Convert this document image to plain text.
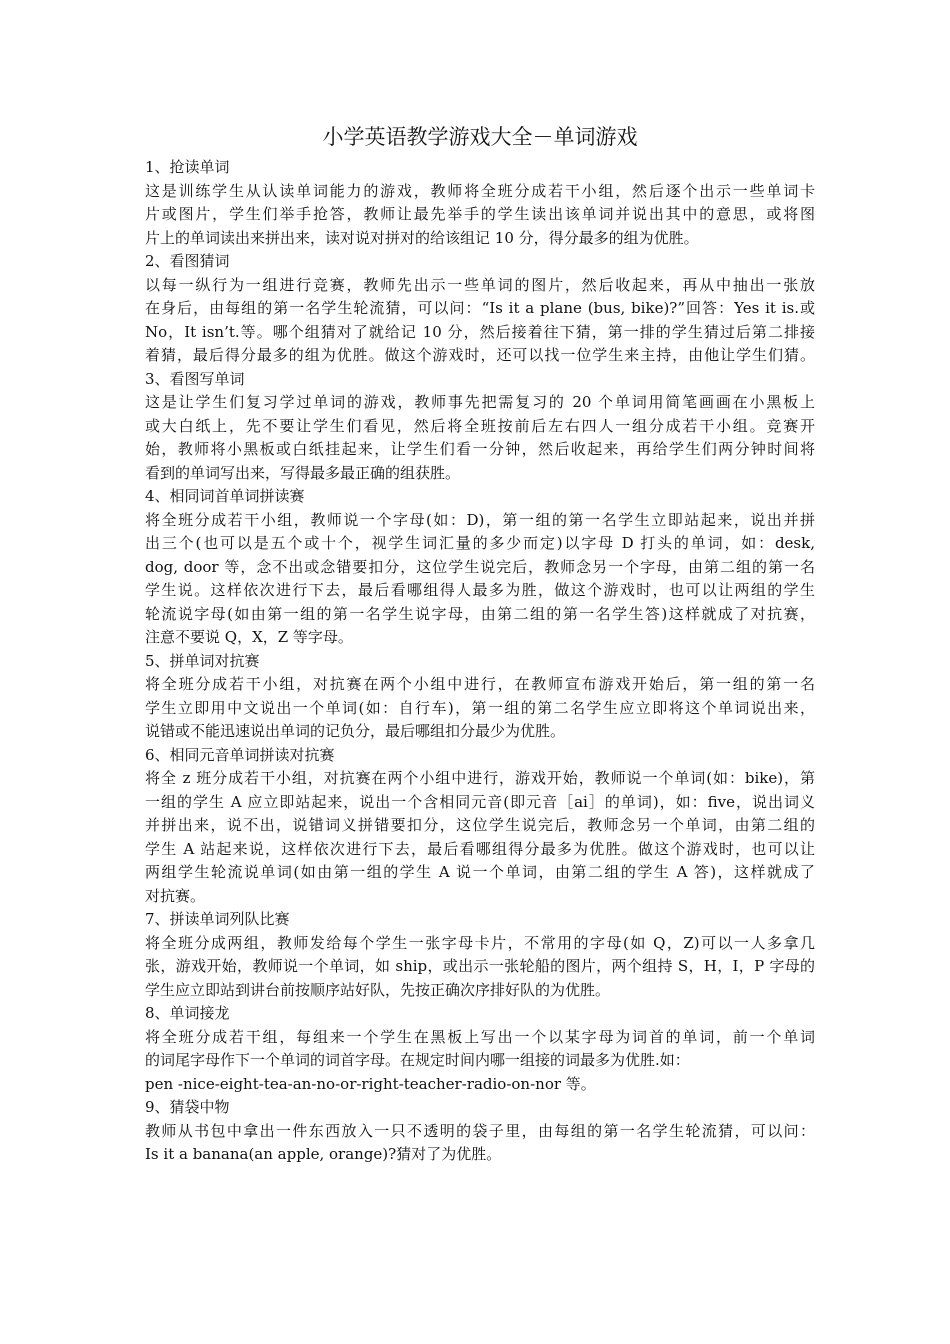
小学英语教学游戏大全－单词游戏
1、抢读单词
这是训练学生从认读单词能力的游戏，教师将全班分成若干小组，然后逐个出示一些单词卡
片或图片，学生们举手抢答，教师让最先举手的学生读出该单词并说出其中的意思，或将图
片上的单词读出来拼出来，读对说对拼对的给该组记 10 分，得分最多的组为优胜。
2、看图猜词
以每一纵行为一组进行竞赛，教师先出示一些单词的图片，然后收起来，再从中抽出一张放
在身后，由每组的第一名学生轮流猜，可以问：“Is it a plane (bus, bike)?”回答：Yes it is.或
No，It isn’t.等。哪个组猜对了就给记 10 分，然后接着往下猜，第一排的学生猜过后第二排接
着猜，最后得分最多的组为优胜。做这个游戏时，还可以找一位学生来主持，由他让学生们猜。
3、看图写单词
这是让学生们复习学过单词的游戏，教师事先把需复习的 20 个单词用简笔画画在小黑板上
或大白纸上，先不要让学生们看见，然后将全班按前后左右四人一组分成若干小组。竞赛开
始，教师将小黑板或白纸挂起来，让学生们看一分钟，然后收起来，再给学生们两分钟时间将
看到的单词写出来，写得最多最正确的组获胜。
4、相同词首单词拼读赛
将全班分成若干小组，教师说一个字母(如：D)，第一组的第一名学生立即站起来，说出并拼
出三个(也可以是五个或十个，视学生词汇量的多少而定)以字母 D 打头的单词，如：desk,
dog, door 等，念不出或念错要扣分，这位学生说完后，教师念另一个字母，由第二组的第一名
学生说。这样依次进行下去，最后看哪组得人最多为胜，做这个游戏时，也可以让两组的学生
轮流说字母(如由第一组的第一名学生说字母，由第二组的第一名学生答)这样就成了对抗赛，
注意不要说 Q，X，Z 等字母。
5、拼单词对抗赛
将全班分成若干小组，对抗赛在两个小组中进行，在教师宣布游戏开始后，第一组的第一名
学生立即用中文说出一个单词(如：自行车)，第一组的第二名学生应立即将这个单词说出来，
说错或不能迅速说出单词的记负分，最后哪组扣分最少为优胜。
6、相同元音单词拼读对抗赛
将全 z 班分成若干小组，对抗赛在两个小组中进行，游戏开始，教师说一个单词(如：bike)，第
一组的学生 A 应立即站起来，说出一个含相同元音(即元音［ai］的单词)，如：five，说出词义
并拼出来，说不出，说错词义拼错要扣分，这位学生说完后，教师念另一个单词，由第二组的
学生 A 站起来说，这样依次进行下去，最后看哪组得分最多为优胜。做这个游戏时，也可以让
两组学生轮流说单词(如由第一组的学生 A 说一个单词，由第二组的学生 A 答)，这样就成了
对抗赛。
7、拼读单词列队比赛
将全班分成两组，教师发给每个学生一张字母卡片，不常用的字母(如 Q，Z)可以一人多拿几
张，游戏开始，教师说一个单词，如 ship，或出示一张轮船的图片，两个组持 S，H，I，P 字母的
学生应立即站到讲台前按顺序站好队，先按正确次序排好队的为优胜。
8、单词接龙
将全班分成若干组，每组来一个学生在黑板上写出一个以某字母为词首的单词，前一个单词
的词尾字母作下一个单词的词首字母。在规定时间内哪一组接的词最多为优胜.如：
pen -nice-eight-tea-an-no-or-right-teacher-radio-on-nor 等。
9、猜袋中物
教师从书包中拿出一件东西放入一只不透明的袋子里，由每组的第一名学生轮流猜，可以问：
Is it a banana(an apple, orange)?猜对了为优胜。
